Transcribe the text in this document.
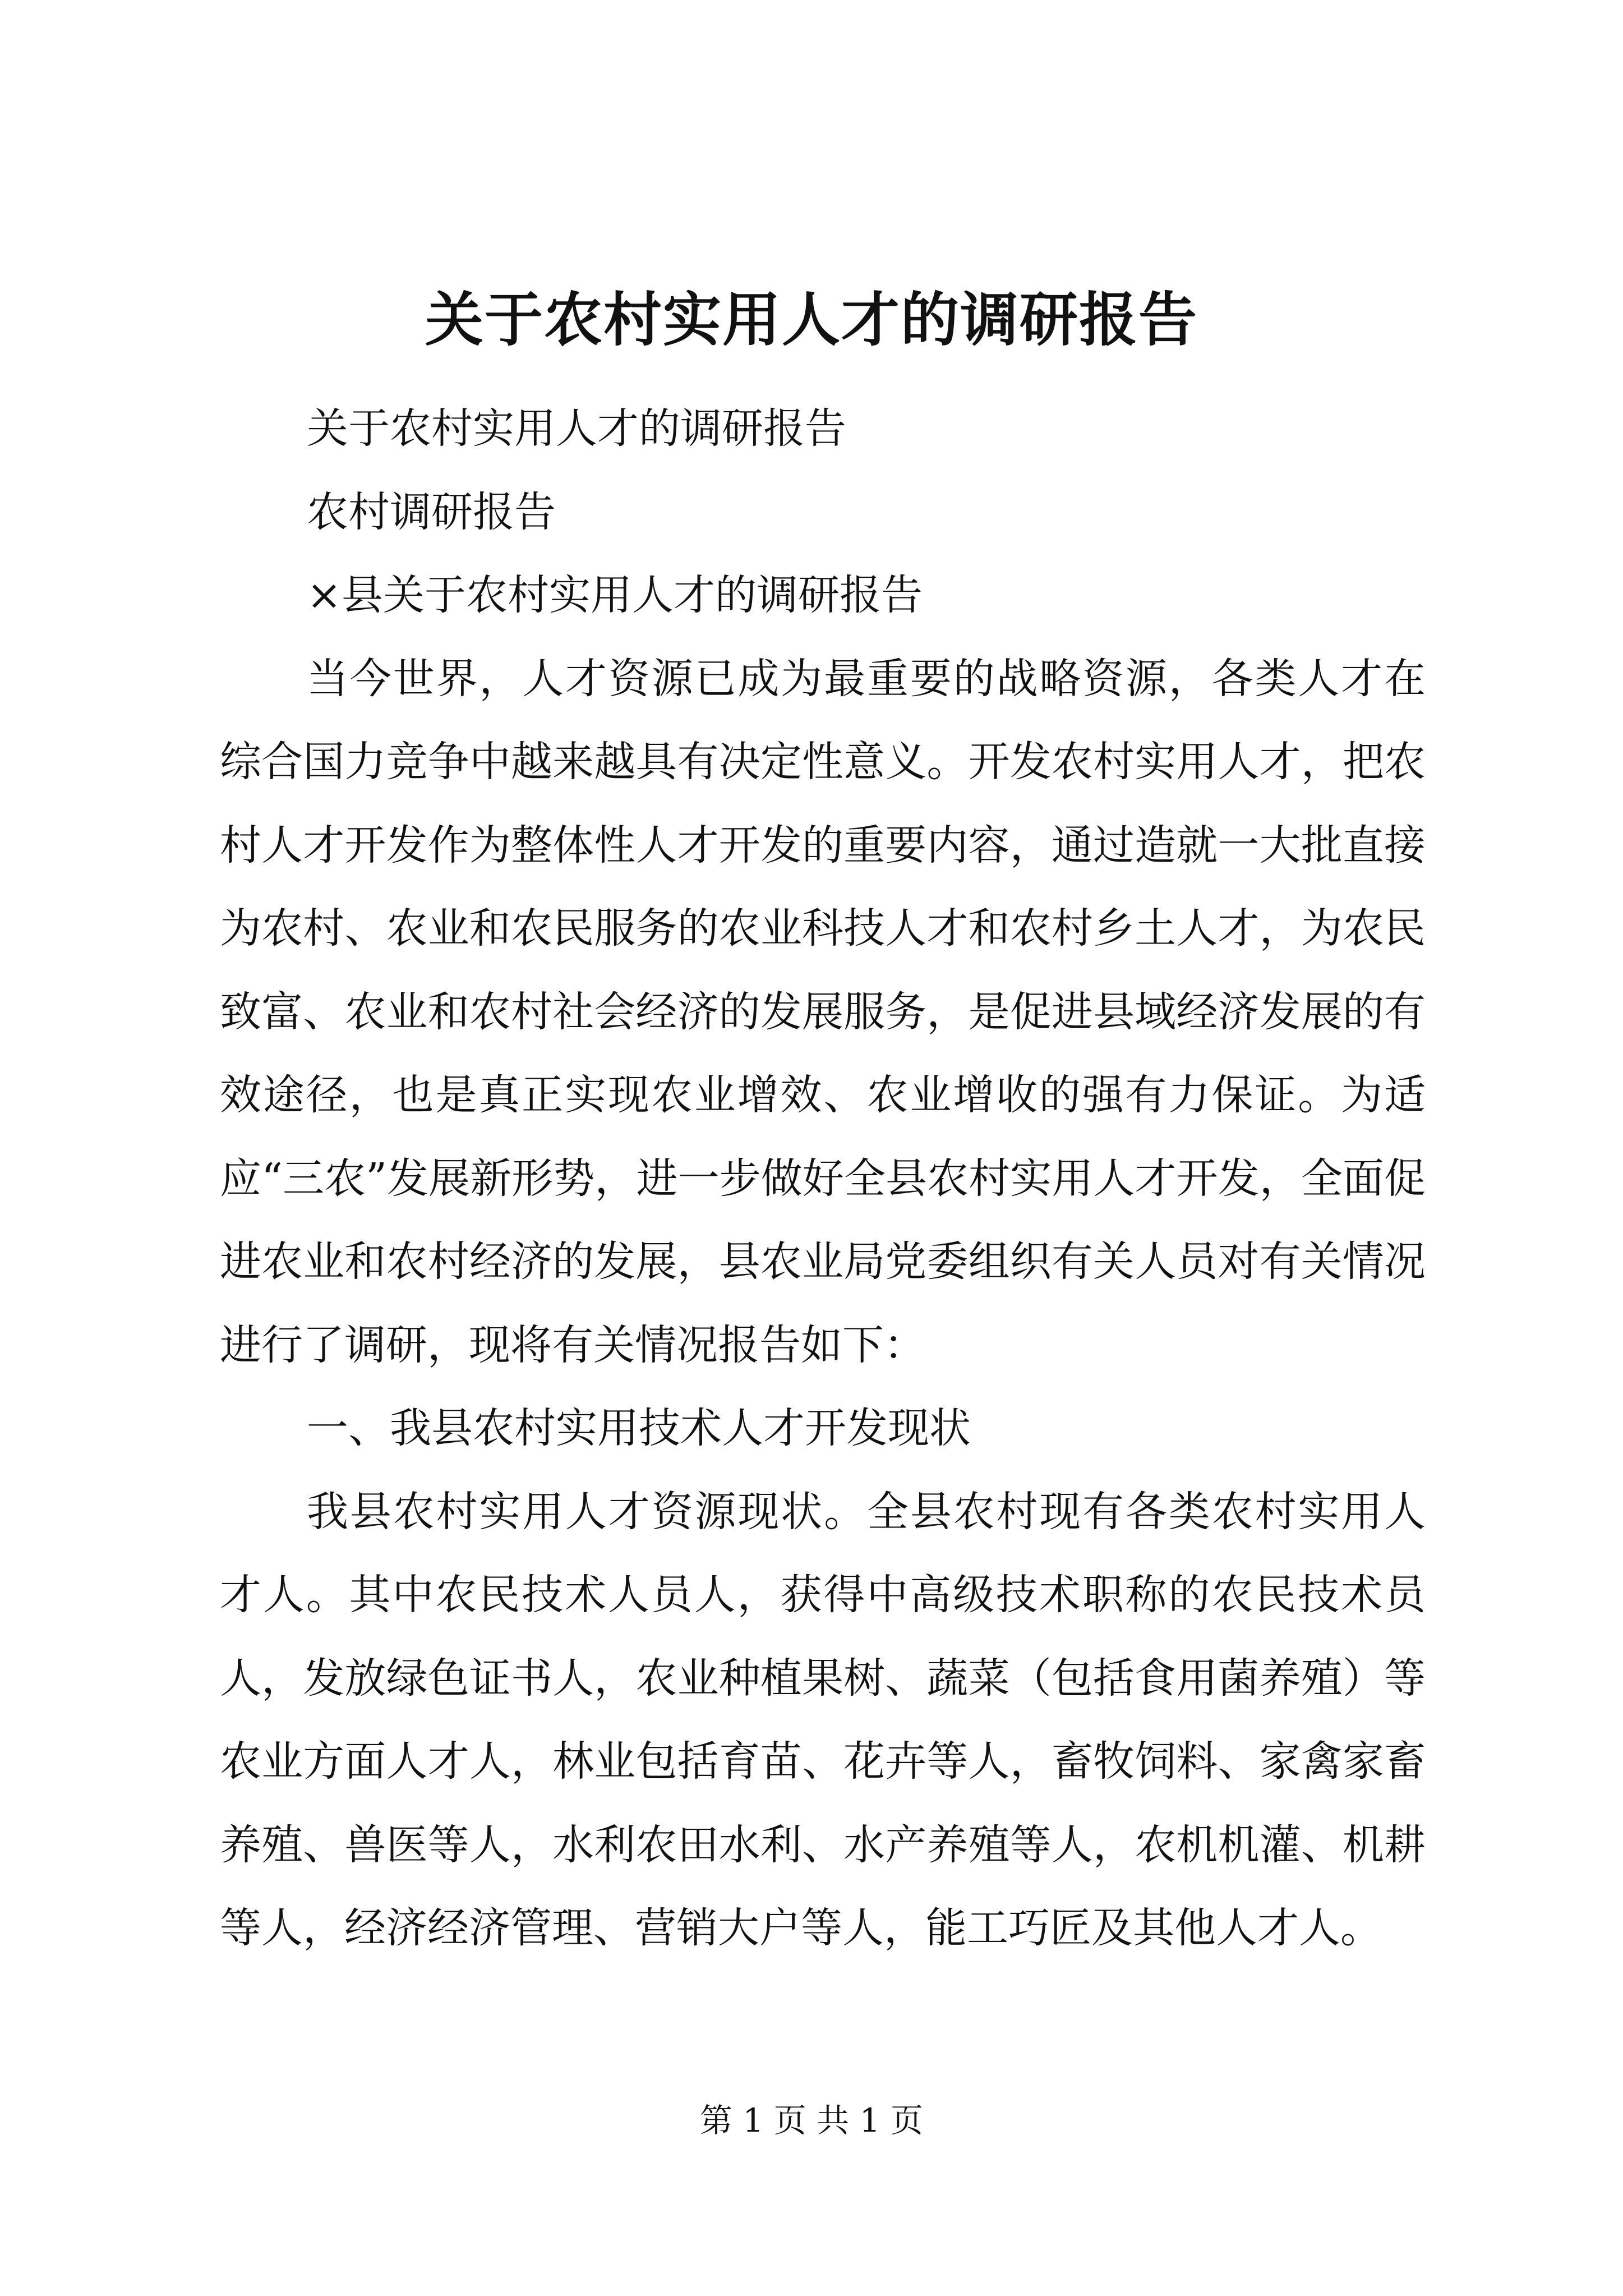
关于农村实用人才的调研报告

关于农村实用人才的调研报告

农村调研报告

×县关于农村实用人才的调研报告

当今世界，人才资源已成为最重要的战略资源，各类人才在综合国力竞争中越来越具有决定性意义。开发农村实用人才，把农村人才开发作为整体性人才开发的重要内容，通过造就一大批直接为农村、农业和农民服务的农业科技人才和农村乡土人才，为农民致富、农业和农村社会经济的发展服务，是促进县域经济发展的有效途径，也是真正实现农业增效、农业增收的强有力保证。为适应“三农”发展新形势，进一步做好全县农村实用人才开发，全面促进农业和农村经济的发展，县农业局党委组织有关人员对有关情况进行了调研，现将有关情况报告如下：

一、我县农村实用技术人才开发现状

我县农村实用人才资源现状。全县农村现有各类农村实用人才人。其中农民技术人员人，获得中高级技术职称的农民技术员人，发放绿色证书人，农业种植果树、蔬菜（包括食用菌养殖）等农业方面人才人，林业包括育苗、花卉等人，畜牧饲料、家禽家畜养殖、兽医等人，水利农田水利、水产养殖等人，农机机灌、机耕等人，经济经济管理、营销大户等人，能工巧匠及其他人才人。

第 1 页 共 1 页
